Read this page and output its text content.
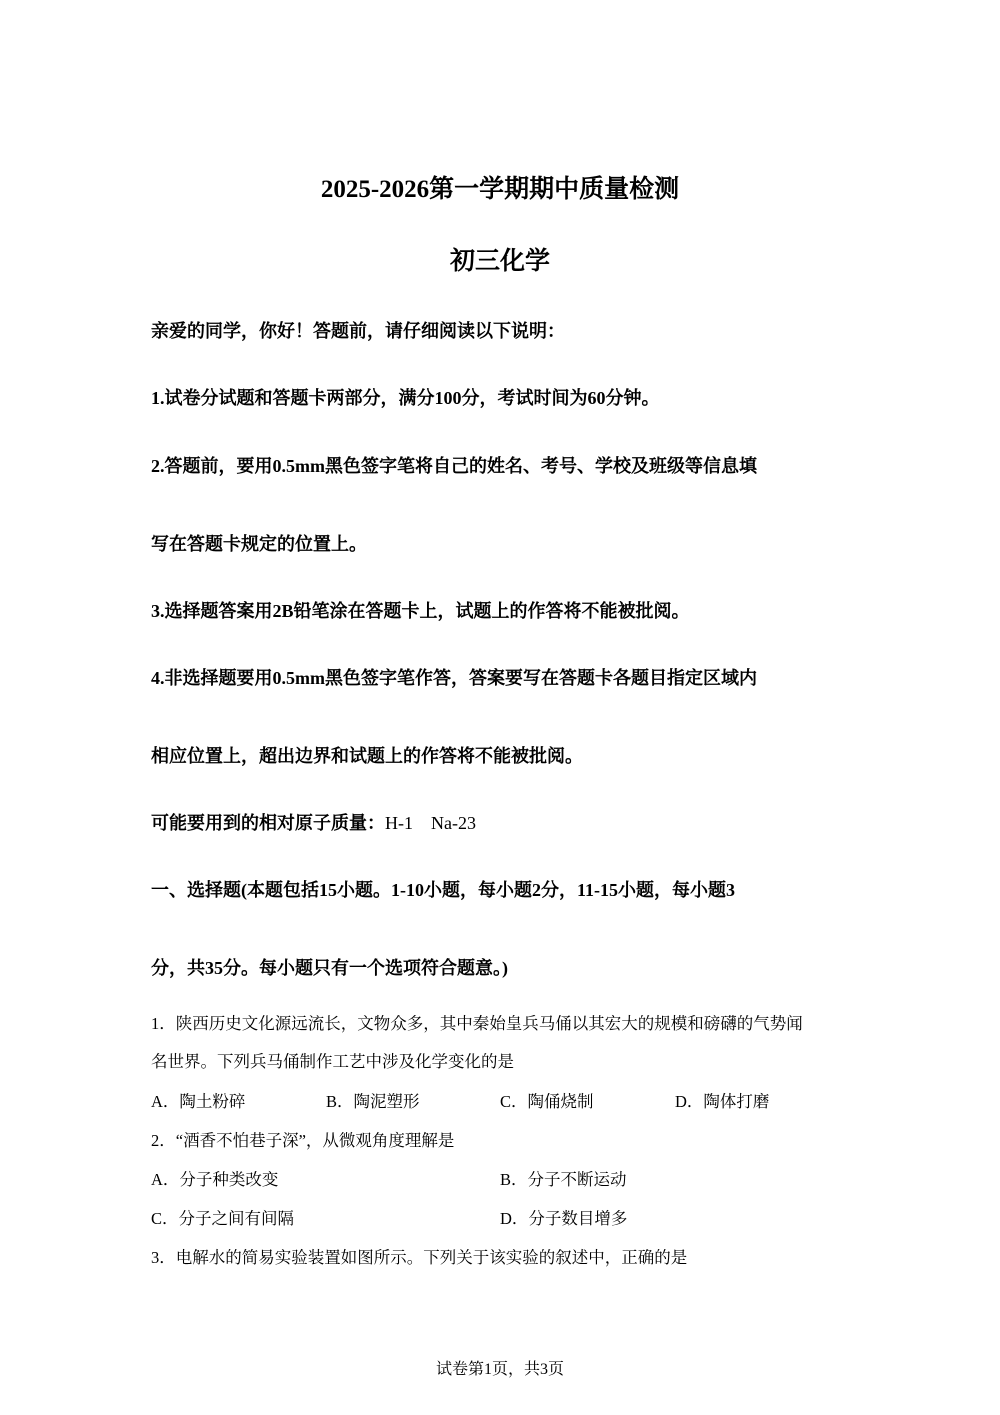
2025-2026第一学期期中质量检测
初三化学
亲爱的同学，你好！答题前，请仔细阅读以下说明：
1.试卷分试题和答题卡两部分，满分100分，考试时间为60分钟。
2.答题前，要用0.5mm黑色签字笔将自己的姓名、考号、学校及班级等信息填
写在答题卡规定的位置上。
3.选择题答案用2B铅笔涂在答题卡上，试题上的作答将不能被批阅。
4.非选择题要用0.5mm黑色签字笔作答，答案要写在答题卡各题目指定区域内
相应位置上，超出边界和试题上的作答将不能被批阅。
可能要用到的相对原子质量：H-1　Na-23
一、选择题(本题包括15小题。1-10小题，每小题2分，11-15小题，每小题3
分，共35分。每小题只有一个选项符合题意。)
1．陕西历史文化源远流长，文物众多，其中秦始皇兵马俑以其宏大的规模和磅礴的气势闻
名世界。下列兵马俑制作工艺中涉及化学变化的是
A．陶土粉碎	B．陶泥塑形	C．陶俑烧制	D．陶体打磨
2．“酒香不怕巷子深”，从微观角度理解是
A．分子种类改变	B．分子不断运动
C．分子之间有间隔	D．分子数目增多
3．电解水的简易实验装置如图所示。下列关于该实验的叙述中，正确的是
试卷第1页，共3页
